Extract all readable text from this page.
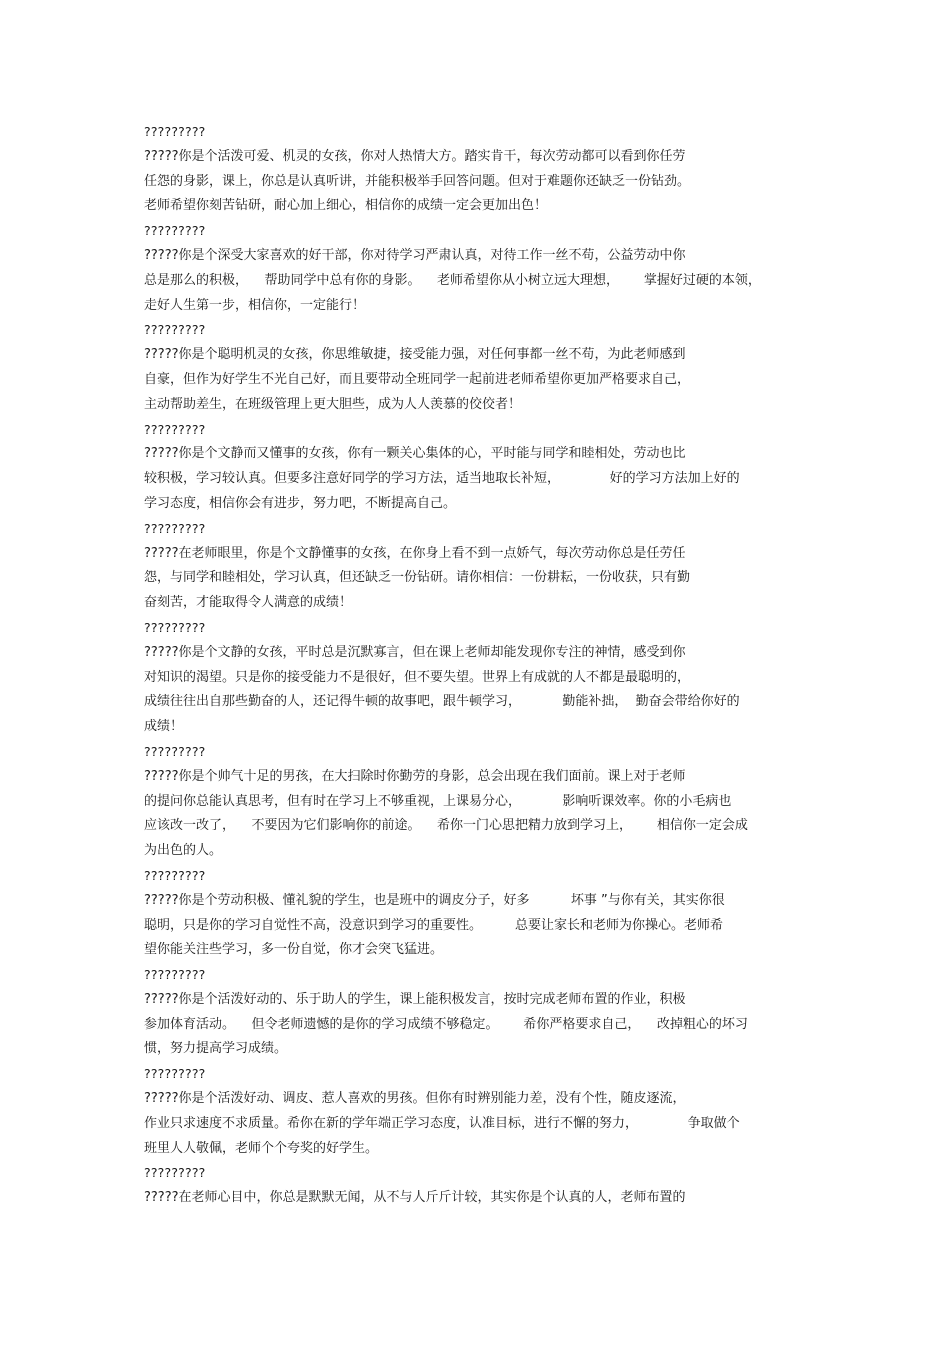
?????????
?????你是个活泼可爱、机灵的女孩，你对人热情大方。踏实肯干，每次劳动都可以看到你任劳
任怨的身影，课上，你总是认真听讲，并能积极举手回答问题。但对于难题你还缺乏一份钻劲。
老师希望你刻苦钻研，耐心加上细心，相信你的成绩一定会更加出色！
?????????
?????你是个深受大家喜欢的好干部，你对待学习严肃认真，对待工作一丝不苟，公益劳动中你
总是那么的积极，    帮助同学中总有你的身影。    老师希望你从小树立远大理想，      掌握好过硬的本领，
走好人生第一步，相信你，一定能行！
?????????
?????你是个聪明机灵的女孩，你思维敏捷，接受能力强，对任何事都一丝不苟，为此老师感到
自豪，但作为好学生不光自己好，而且要带动全班同学一起前进老师希望你更加严格要求自己，
主动帮助差生，在班级管理上更大胆些，成为人人羡慕的佼佼者！
?????????
?????你是个文静而又懂事的女孩，你有一颗关心集体的心，平时能与同学和睦相处，劳动也比
较积极，学习较认真。但要多注意好同学的学习方法，适当地取长补短，            好的学习方法加上好的
学习态度，相信你会有进步，努力吧，不断提高自己。
?????????
?????在老师眼里，你是个文静懂事的女孩，在你身上看不到一点娇气，每次劳动你总是任劳任
怨，与同学和睦相处，学习认真，但还缺乏一份钻研。请你相信：一份耕耘，一份收获，只有勤
奋刻苦，才能取得令人满意的成绩！
?????????
?????你是个文静的女孩，平时总是沉默寡言，但在课上老师却能发现你专注的神情，感受到你
对知识的渴望。只是你的接受能力不是很好，但不要失望。世界上有成就的人不都是最聪明的，
成绩往往出自那些勤奋的人，还记得牛顿的故事吧，跟牛顿学习，          勤能补拙，  勤奋会带给你好的
成绩！
?????????
?????你是个帅气十足的男孩，在大扫除时你勤劳的身影，总会出现在我们面前。课上对于老师
的提问你总能认真思考，但有时在学习上不够重视，上课易分心，          影响听课效率。你的小毛病也
应该改一改了，    不要因为它们影响你的前途。    希你一门心思把精力放到学习上，      相信你一定会成
为出色的人。
?????????
?????你是个劳动积极、懂礼貌的学生，也是班中的调皮分子，好多          坏事 ”与你有关，其实你很
聪明，只是你的学习自觉性不高，没意识到学习的重要性。        总要让家长和老师为你操心。老师希
望你能关注些学习，多一份自觉，你才会突飞猛进。
?????????
?????你是个活泼好动的、乐于助人的学生，课上能积极发言，按时完成老师布置的作业，积极
参加体育活动。    但令老师遗憾的是你的学习成绩不够稳定。      希你严格要求自己，    改掉粗心的坏习
惯，努力提高学习成绩。
?????????
?????你是个活泼好动、调皮、惹人喜欢的男孩。但你有时辨别能力差，没有个性，随皮逐流，
作业只求速度不求质量。希你在新的学年端正学习态度，认准目标，进行不懈的努力，            争取做个
班里人人敬佩，老师个个夸奖的好学生。
?????????
?????在老师心目中，你总是默默无闻，从不与人斤斤计较，其实你是个认真的人，老师布置的
